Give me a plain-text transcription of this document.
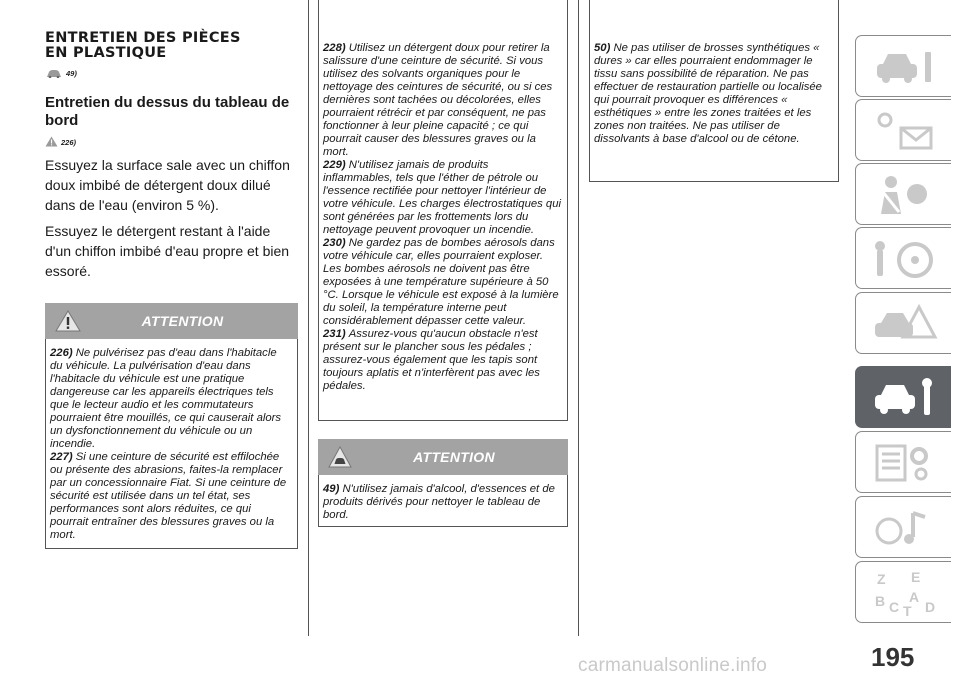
ENTRETIEN DES PIÈCES
EN PLASTIQUE
49)
Entretien du dessus du tableau de
bord
226)

Essuyez la surface sale avec un chiffon doux imbibé de détergent doux dilué dans de l'eau (environ 5 %).

Essuyez le détergent restant à l'aide d'un chiffon imbibé d'eau propre et bien essoré.

ATTENTION
226) Ne pulvérisez pas d'eau dans l'habitacle du véhicule. La pulvérisation d'eau dans l'habitacle du véhicule est une pratique dangereuse car les appareils électriques tels que le lecteur audio et les commutateurs pourraient être mouillés, ce qui causerait alors un dysfonctionnement du véhicule ou un incendie.
227) Si une ceinture de sécurité est effilochée ou présente des abrasions, faites-la remplacer par un concessionnaire Fiat. Si une ceinture de sécurité est utilisée dans un tel état, ses performances sont alors réduites, ce qui pourrait entraîner des blessures graves ou la mort.
228) Utilisez un détergent doux pour retirer la salissure d'une ceinture de sécurité. Si vous utilisez des solvants organiques pour le nettoyage des ceintures de sécurité, ou si ces dernières sont tachées ou décolorées, elles pourraient rétrécir et par conséquent, ne pas fonctionner à leur pleine capacité ; ce qui pourrait causer des blessures graves ou la mort.
229) N'utilisez jamais de produits inflammables, tels que l'éther de pétrole ou l'essence rectifiée pour nettoyer l'intérieur de votre véhicule. Les charges électrostatiques qui sont générées par les frottements lors du nettoyage peuvent provoquer un incendie.
230) Ne gardez pas de bombes aérosols dans votre véhicule car, elles pourraient exploser. Les bombes aérosols ne doivent pas être exposées à une température supérieure à 50 °C. Lorsque le véhicule est exposé à la lumière du soleil, la température interne peut considérablement dépasser cette valeur.
231) Assurez-vous qu'aucun obstacle n'est présent sur le plancher sous les pédales ; assurez-vous également que les tapis sont toujours aplatis et n'interfèrent pas avec les pédales.
ATTENTION
49) N'utilisez jamais d'alcool, d'essences et de produits dérivés pour nettoyer le tableau de bord.
50) Ne pas utiliser de brosses synthétiques « dures » car elles pourraient endommager le tissu sans possibilité de réparation. Ne pas effectuer de restauration partielle ou localisée qui pourrait provoquer es différences « esthétiques » entre les zones traitées et les zones non traitées. Ne pas utiliser de dissolvants à base d'alcool ou de cétone.
Z E
B A
C D
T
195
carmanualsonline.info
